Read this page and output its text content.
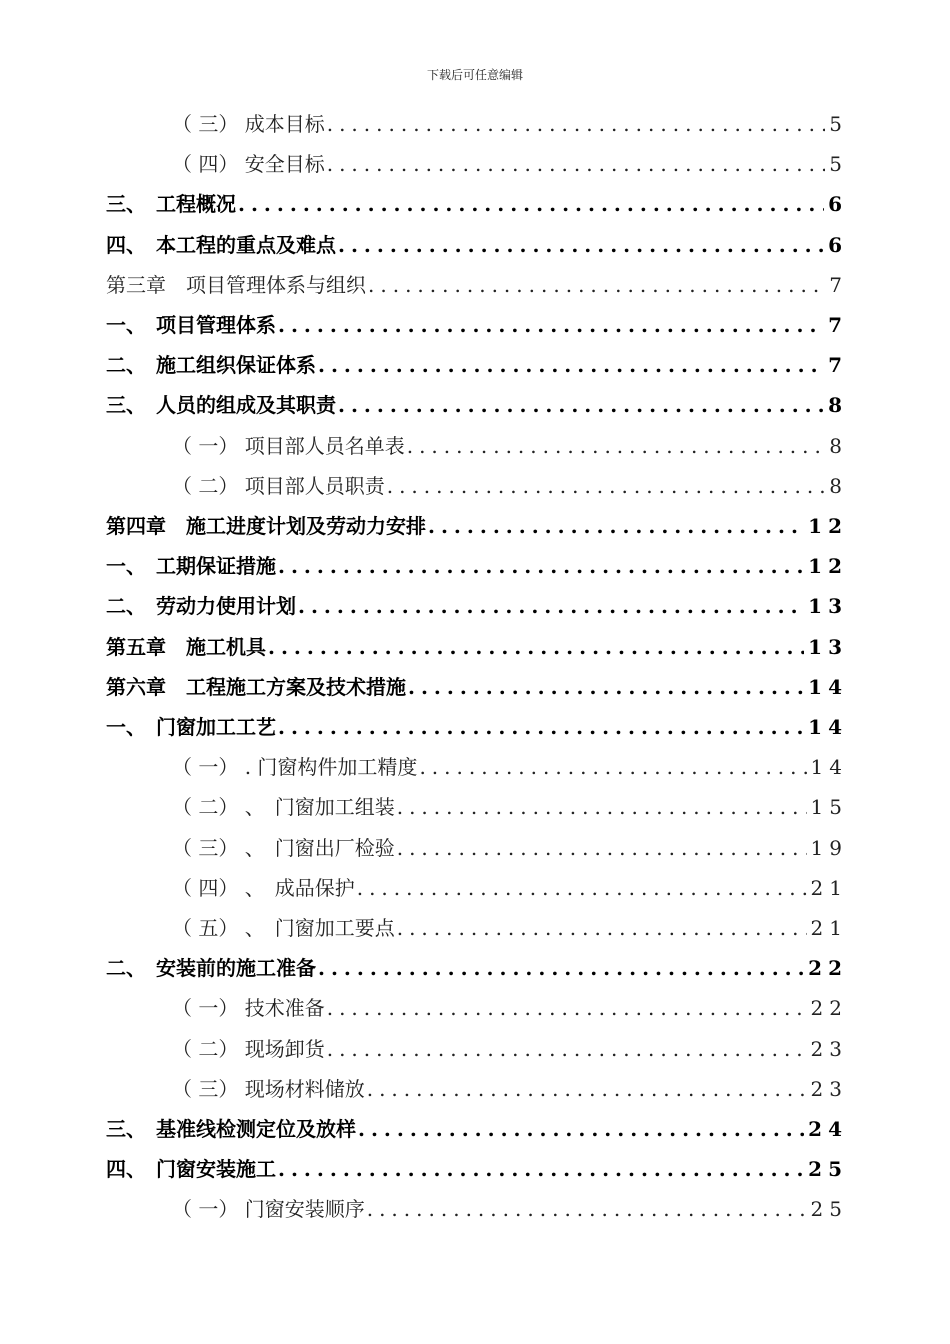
下载后可任意编辑
（ 三） 成本目标 .....	5
（ 四） 安全目标 .....	5
三、　工程概况 .....	6
四、　本工程的重点及难点 .....	6
第三章　项目管理体系与组织 .....	7
一、　项目管理体系 .....	7
二、　施工组织保证体系 .....	7
三、　人员的组成及其职责 .....	8
（ 一） 项目部人员名单表 .....	8
（ 二） 项目部人员职责 .....	8
第四章　施工进度计划及劳动力安排 .....	12
一、　工期保证措施 .....	12
二、　劳动力使用计划 .....	13
第五章　施工机具 .....	13
第六章　工程施工方案及技术措施 .....	14
一、　门窗加工工艺 .....	14
（ 一） . 门窗构件加工精度 .....	14
（ 二） 、　门窗加工组装 .....	15
（ 三） 、　门窗出厂检验 .....	19
（ 四） 、　成品保护 .....	21
（ 五） 、　门窗加工要点 .....	21
二、　安装前的施工准备 .....	22
（ 一） 技术准备 .....	22
（ 二） 现场卸货 .....	23
（ 三） 现场材料储放 .....	23
三、　基准线检测定位及放样 .....	24
四、　门窗安装施工 .....	25
（ 一） 门窗安装顺序 .....	25
